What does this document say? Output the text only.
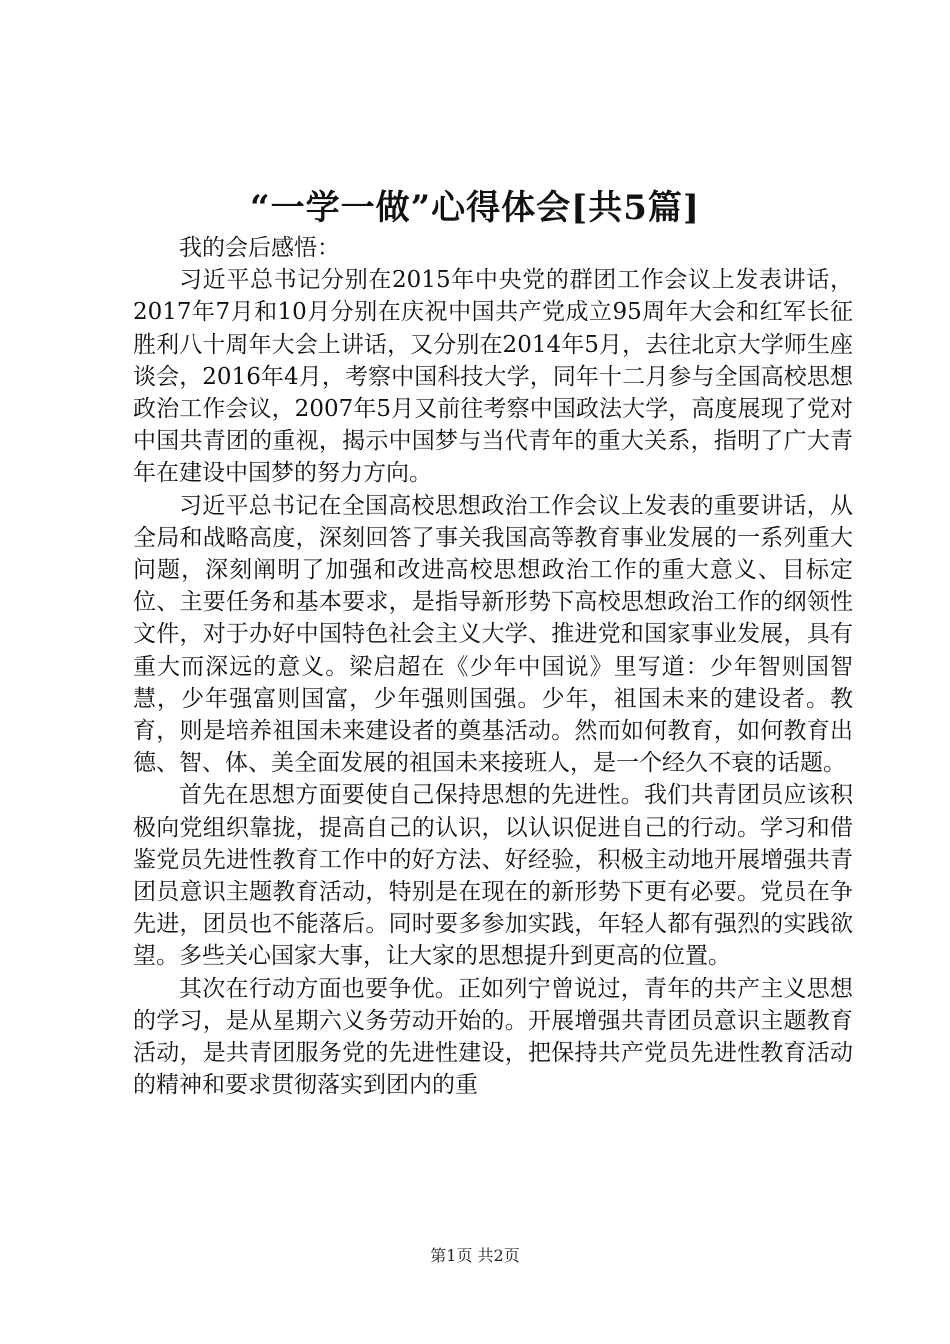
“一学一做”心得体会[共5篇]

我的会后感悟：

习近平总书记分别在2015年中央党的群团工作会议上发表讲话，2017年7月和10月分别在庆祝中国共产党成立95周年大会和红军长征胜利八十周年大会上讲话，又分别在2014年5月，去往北京大学师生座谈会，2016年4月，考察中国科技大学，同年十二月参与全国高校思想政治工作会议，2007年5月又前往考察中国政法大学，高度展现了党对中国共青团的重视，揭示中国梦与当代青年的重大关系，指明了广大青年在建设中国梦的努力方向。

习近平总书记在全国高校思想政治工作会议上发表的重要讲话，从全局和战略高度，深刻回答了事关我国高等教育事业发展的一系列重大问题，深刻阐明了加强和改进高校思想政治工作的重大意义、目标定位、主要任务和基本要求，是指导新形势下高校思想政治工作的纲领性文件，对于办好中国特色社会主义大学、推进党和国家事业发展，具有重大而深远的意义。梁启超在《少年中国说》里写道：少年智则国智慧，少年强富则国富，少年强则国强。少年，祖国未来的建设者。教育，则是培养祖国未来建设者的奠基活动。然而如何教育，如何教育出德、智、体、美全面发展的祖国未来接班人，是一个经久不衰的话题。

首先在思想方面要使自己保持思想的先进性。我们共青团员应该积极向党组织靠拢，提高自己的认识，以认识促进自己的行动。学习和借鉴党员先进性教育工作中的好方法、好经验，积极主动地开展增强共青团员意识主题教育活动，特别是在现在的新形势下更有必要。党员在争先进，团员也不能落后。同时要多参加实践，年轻人都有强烈的实践欲望。多些关心国家大事，让大家的思想提升到更高的位置。

其次在行动方面也要争优。正如列宁曾说过，青年的共产主义思想的学习，是从星期六义务劳动开始的。开展增强共青团员意识主题教育活动，是共青团服务党的先进性建设，把保持共产党员先进性教育活动的精神和要求贯彻落实到团内的重

第1页 共2页
